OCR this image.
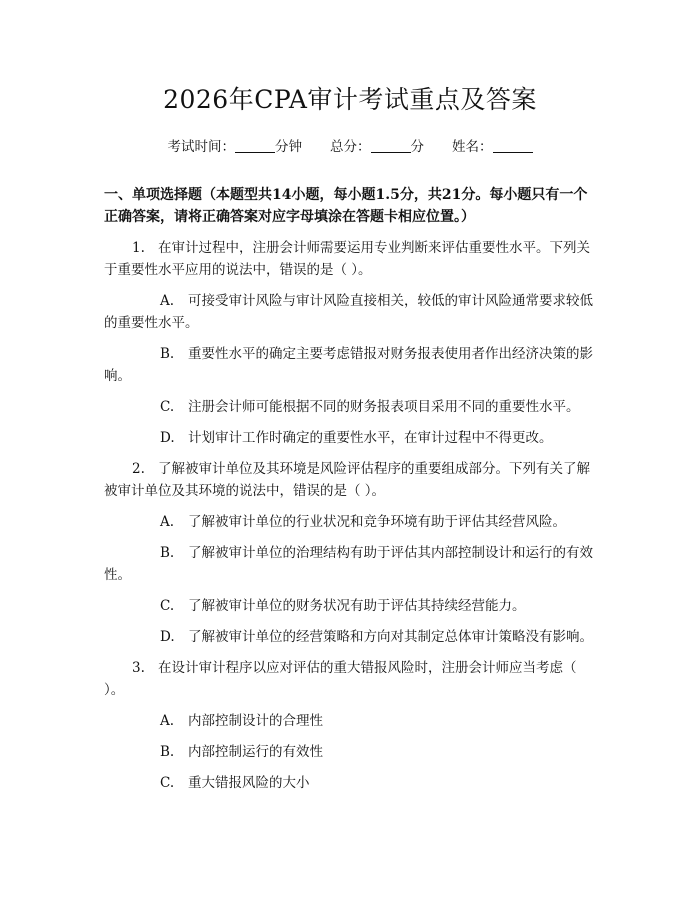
2026年CPA审计考试重点及答案
考试时间：	分钟 总分：	分 姓名：
一、单项选择题（本题型共14小题，每小题1.5分，共21分。每小题只有一个正确答案，请将正确答案对应字母填涂在答题卡相应位置。）

1. 在审计过程中，注册会计师需要运用专业判断来评估重要性水平。下列关于重要性水平应用的说法中，错误的是（ ）。

A. 可接受审计风险与审计风险直接相关，较低的审计风险通常要求较低的重要性水平。

B. 重要性水平的确定主要考虑错报对财务报表使用者作出经济决策的影响。

C. 注册会计师可能根据不同的财务报表项目采用不同的重要性水平。

D. 计划审计工作时确定的重要性水平，在审计过程中不得更改。

2. 了解被审计单位及其环境是风险评估程序的重要组成部分。下列有关了解被审计单位及其环境的说法中，错误的是（ ）。

A. 了解被审计单位的行业状况和竞争环境有助于评估其经营风险。

B. 了解被审计单位的治理结构有助于评估其内部控制设计和运行的有效性。

C. 了解被审计单位的财务状况有助于评估其持续经营能力。

D. 了解被审计单位的经营策略和方向对其制定总体审计策略没有影响。

3. 在设计审计程序以应对评估的重大错报风险时，注册会计师应当考虑（ ）。

A. 内部控制设计的合理性

B. 内部控制运行的有效性

C. 重大错报风险的大小
